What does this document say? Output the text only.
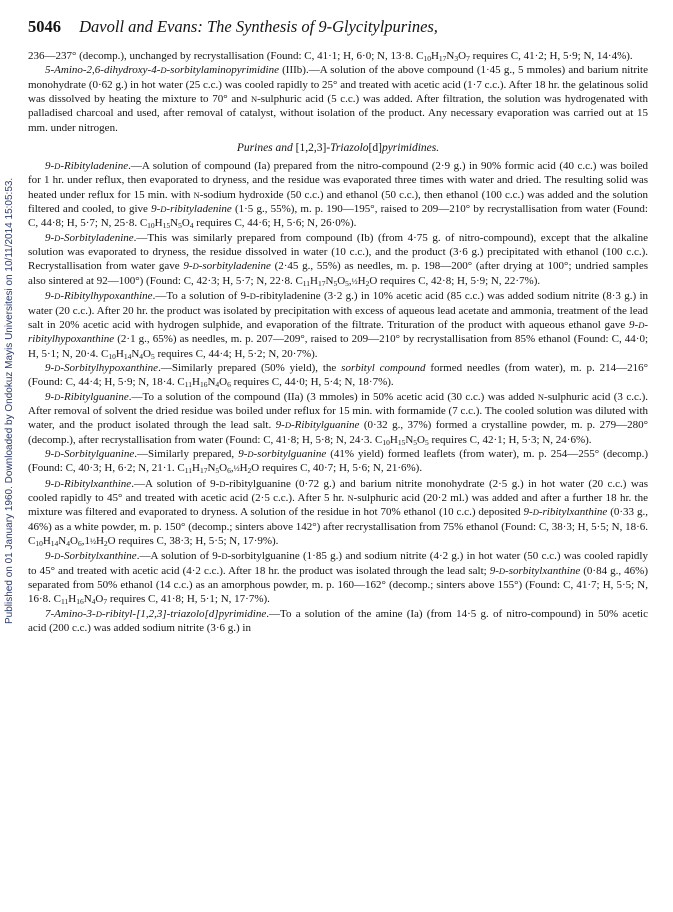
5046 Davoll and Evans: The Synthesis of 9-Glycitylpurines,
Published on 01 January 1960. Downloaded by Ondokuz Mayis Universitesi on 10/11/2014 15:05:53.

236—237° (decomp.), unchanged by recrystallisation (Found: C, 41·1; H, 6·0; N, 13·8. $C_{10}H_{17}N_3O_7$ requires C, 41·2; H, 5·9; N, 14·4%).

5-Amino-2,6-dihydroxy-4-D-sorbitylaminopyrimidine (IIIb).—A solution of the above compound (1·45 g., 5 mmoles) and barium nitrite monohydrate (0·62 g.) in hot water (25 c.c.) was cooled rapidly to 25° and treated with acetic acid (1·7 c.c.). After 18 hr. the gelatinous solid was dissolved by heating the mixture to 70° and N-sulphuric acid (5 c.c.) was added. After filtration, the solution was hydrogenated with palladised charcoal and used, after removal of catalyst, without isolation of the product. Any necessary evaporation was carried out at 15 mm. under nitrogen.

Purines and [1,2,3]-Triazolo[d]pyrimidines.

9-D-Ribityladenine.—A solution of compound (Ia) prepared from the nitro-compound (2·9 g.) in 90% formic acid (40 c.c.) was boiled for 1 hr. under reflux, then evaporated to dryness, and the residue was evaporated three times with water and dried. The resulting solid was heated under reflux for 15 min. with N-sodium hydroxide (50 c.c.) and ethanol (50 c.c.), then ethanol (100 c.c.) was added and the solution filtered and cooled, to give 9-D-ribityladenine (1·5 g., 55%), m. p. 190—195°, raised to 209—210° by recrystallisation from water (Found: C, 44·8; H, 5·7; N, 25·8. $C_{10}H_{15}N_5O_4$ requires C, 44·6; H, 5·6; N, 26·0%).

9-D-Sorbityladenine.—This was similarly prepared from compound (Ib) (from 4·75 g. of nitro-compound), except that the alkaline solution was evaporated to dryness, the residue dissolved in water (10 c.c.), and the product (3·6 g.) precipitated with ethanol (100 c.c.). Recrystallisation from water gave 9-D-sorbityladenine (2·45 g., 55%) as needles, m. p. 198—200° (after drying at 100°; undried samples also sintered at 92—100°) (Found: C, 42·3; H, 5·7; N, 22·8. $C_{11}H_{17}N_5O_5,\frac{1}{2}H_2O$ requires C, 42·8; H, 5·9; N, 22·7%).

9-D-Ribitylhypoxanthine.—To a solution of 9-D-ribityladenine (3·2 g.) in 10% acetic acid (85 c.c.) was added sodium nitrite (8·3 g.) in water (20 c.c.). After 20 hr. the product was isolated by precipitation with excess of aqueous lead acetate and ammonia, treatment of the lead salt in 20% acetic acid with hydrogen sulphide, and evaporation of the filtrate. Trituration of the product with aqueous ethanol gave 9-D-ribitylhypoxanthine (2·1 g., 65%) as needles, m. p. 207—209°, raised to 209—210° by recrystallisation from 85% ethanol (Found: C, 44·0; H, 5·1; N, 20·4. $C_{10}H_{14}N_4O_5$ requires C, 44·4; H, 5·2; N, 20·7%).

9-D-Sorbitylhypoxanthine.—Similarly prepared (50% yield), the sorbityl compound formed needles (from water), m. p. 214—216° (Found: C, 44·4; H, 5·9; N, 18·4. $C_{11}H_{16}N_4O_6$ requires C, 44·0; H, 5·4; N, 18·7%).

9-D-Ribitylguanine.—To a solution of the compound (IIa) (3 mmoles) in 50% acetic acid (30 c.c.) was added N-sulphuric acid (3 c.c.). After removal of solvent the dried residue was boiled under reflux for 15 min. with formamide (7 c.c.). The cooled solution was diluted with water, and the product isolated through the lead salt. 9-D-Ribitylguanine (0·32 g., 37%) formed a crystalline powder, m. p. 279—280° (decomp.), after recrystallisation from water (Found: C, 41·8; H, 5·8; N, 24·3. $C_{10}H_{15}N_5O_5$ requires C, 42·1; H, 5·3; N, 24·6%).

9-D-Sorbitylguanine.—Similarly prepared, 9-D-sorbitylguanine (41% yield) formed leaflets (from water), m. p. 254—255° (decomp.) (Found: C, 40·3; H, 6·2; N, 21·1. $C_{11}H_{17}N_5O_6,\frac{1}{2}H_2O$ requires C, 40·7; H, 5·6; N, 21·6%).

9-D-Ribitylxanthine.—A solution of 9-D-ribitylguanine (0·72 g.) and barium nitrite monohydrate (2·5 g.) in hot water (20 c.c.) was cooled rapidly to 45° and treated with acetic acid (2·5 c.c.). After 5 hr. N-sulphuric acid (20·2 ml.) was added and after a further 18 hr. the mixture was filtered and evaporated to dryness. A solution of the residue in hot 70% ethanol (10 c.c.) deposited 9-D-ribitylxanthine (0·33 g., 46%) as a white powder, m. p. 150° (decomp.; sinters above 142°) after recrystallisation from 75% ethanol (Found: C, 38·3; H, 5·5; N, 18·6. $C_{10}H_{14}N_4O_6,1\frac{1}{2}H_2O$ requires C, 38·3; H, 5·5; N, 17·9%).

9-D-Sorbitylxanthine.—A solution of 9-D-sorbitylguanine (1·85 g.) and sodium nitrite (4·2 g.) in hot water (50 c.c.) was cooled rapidly to 45° and treated with acetic acid (4·2 c.c.). After 18 hr. the product was isolated through the lead salt; 9-D-sorbitylxanthine (0·84 g., 46%) separated from 50% ethanol (14 c.c.) as an amorphous powder, m. p. 160—162° (decomp.; sinters above 155°) (Found: C, 41·7; H, 5·5; N, 16·8. $C_{11}H_{16}N_4O_7$ requires C, 41·8; H, 5·1; N, 17·7%).

7-Amino-3-D-ribityl-[1,2,3]-triazolo[d]pyrimidine.—To a solution of the amine (Ia) (from 14·5 g. of nitro-compound) in 50% acetic acid (200 c.c.) was added sodium nitrite (3·6 g.) in
